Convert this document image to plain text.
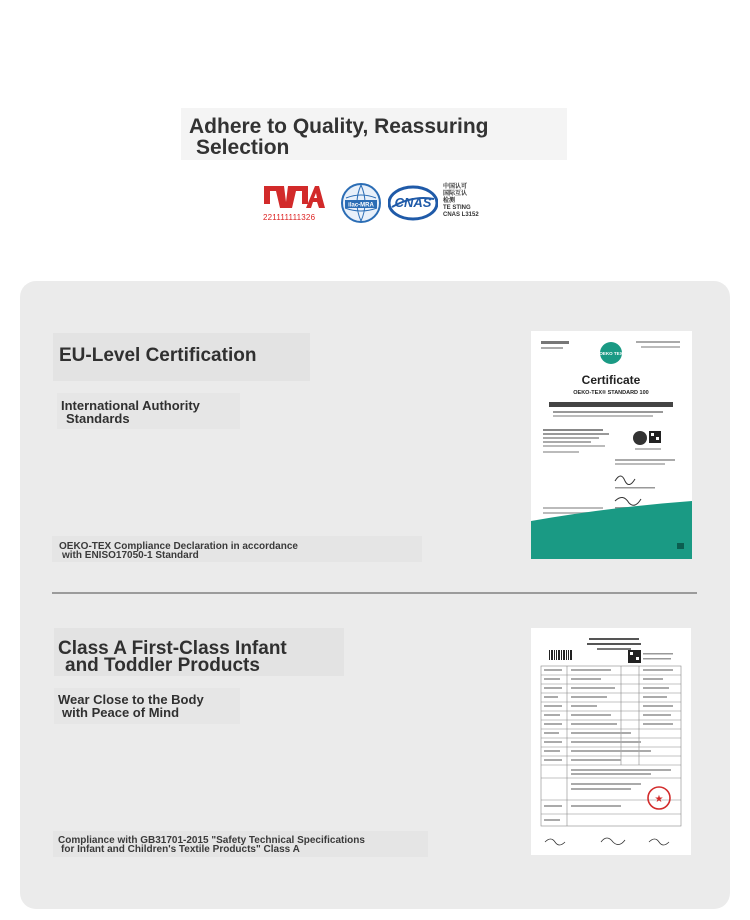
Adhere to Quality, Reassuring
Selection
221111111326
ilac-MRA CNAS
中国认可
国际互认
检测
TE STING
CNAS L3152
EU-Level Certification
International Authority
Standards
OEKO-TEX Compliance Declaration in accordance
with ENISO17050-1 Standard
OEKO TEX
Certificate
OEKO-TEX® STANDARD 100
Class A First-Class Infant
and Toddler Products
Wear Close to the Body
with Peace of Mind
Compliance with GB31701-2015 "Safety Technical Specifications
for Infant and Children's Textile Products" Class A
★
